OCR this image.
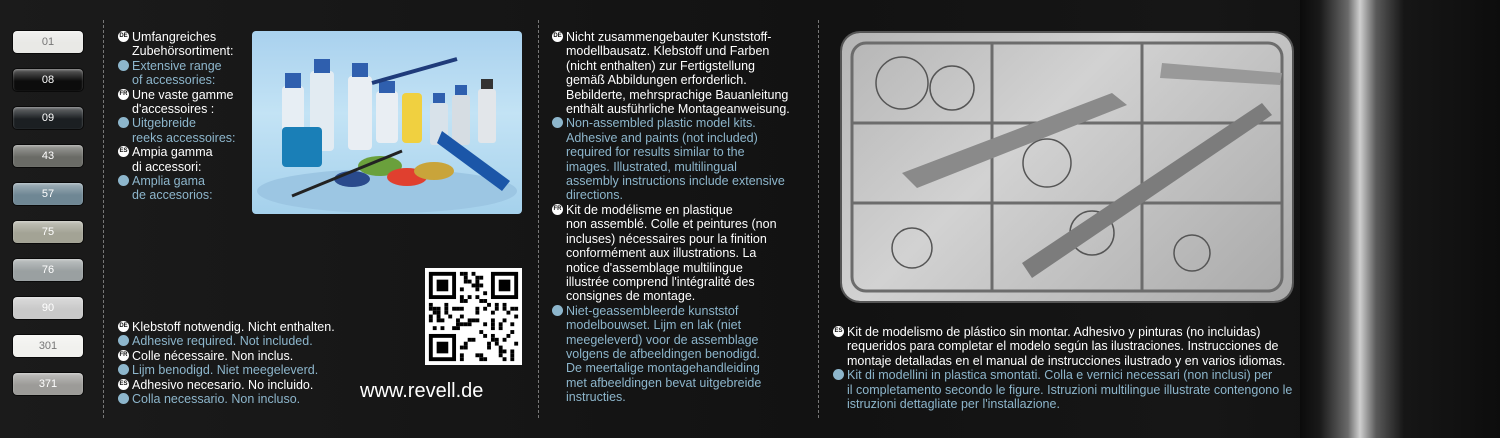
01
08
09
43
57
75
76
90
301
371
DE Umfangreiches
Zubehörsortiment:
GB Extensive range
of accessories:
FR Une vaste gamme
d'accessoires :
NL Uitgebreide
reeks accessoires:
ES Ampia gamma
di accessori:
IT Amplia gama
de accesorios:
DE Klebstoff notwendig. Nicht enthalten.
GB Adhesive required. Not included.
FR Colle nécessaire. Non inclus.
NL Lijm benodigd. Niet meegeleverd.
ES Adhesivo necesario. No incluido.
IT Colla necessario. Non incluso.	www.revell.de
DE Nicht zusammengebauter Kunststoff-
modellbausatz. Klebstoff und Farben
(nicht enthalten) zur Fertigstellung
gemäß Abbildungen erforderlich.
Bebilderte, mehrsprachige Bauanleitung
enthält ausführliche Montageanweisung.
GB Non-assembled plastic model kits.
Adhesive and paints (not included)
required for results similar to the
images. Illustrated, multilingual
assembly instructions include extensive
directions.
FR Kit de modélisme en plastique
non assemblé. Colle et peintures (non
incluses) nécessaires pour la finition
conformément aux illustrations. La
notice d'assemblage multilingue
illustrée comprend l'intégralité des
consignes de montage.
NL Niet-geassembleerde kunststof
modelbouwset. Lijm en lak (niet
meegeleverd) voor de assemblage
volgens de afbeeldingen benodigd.
De meertalige montagehandleiding
met afbeeldingen bevat uitgebreide
instructies.
ES Kit de modelismo de plástico sin montar. Adhesivo y pinturas (no incluidas)
requeridos para completar el modelo según las ilustraciones. Instrucciones de
montaje detalladas en el manual de instrucciones ilustrado y en varios idiomas.
IT Kit di modellini in plastica smontati. Colla e vernici necessari (non inclusi) per
il completamento secondo le figure. Istruzioni multilingue illustrate contengono le
istruzioni dettagliate per l'installazione.
